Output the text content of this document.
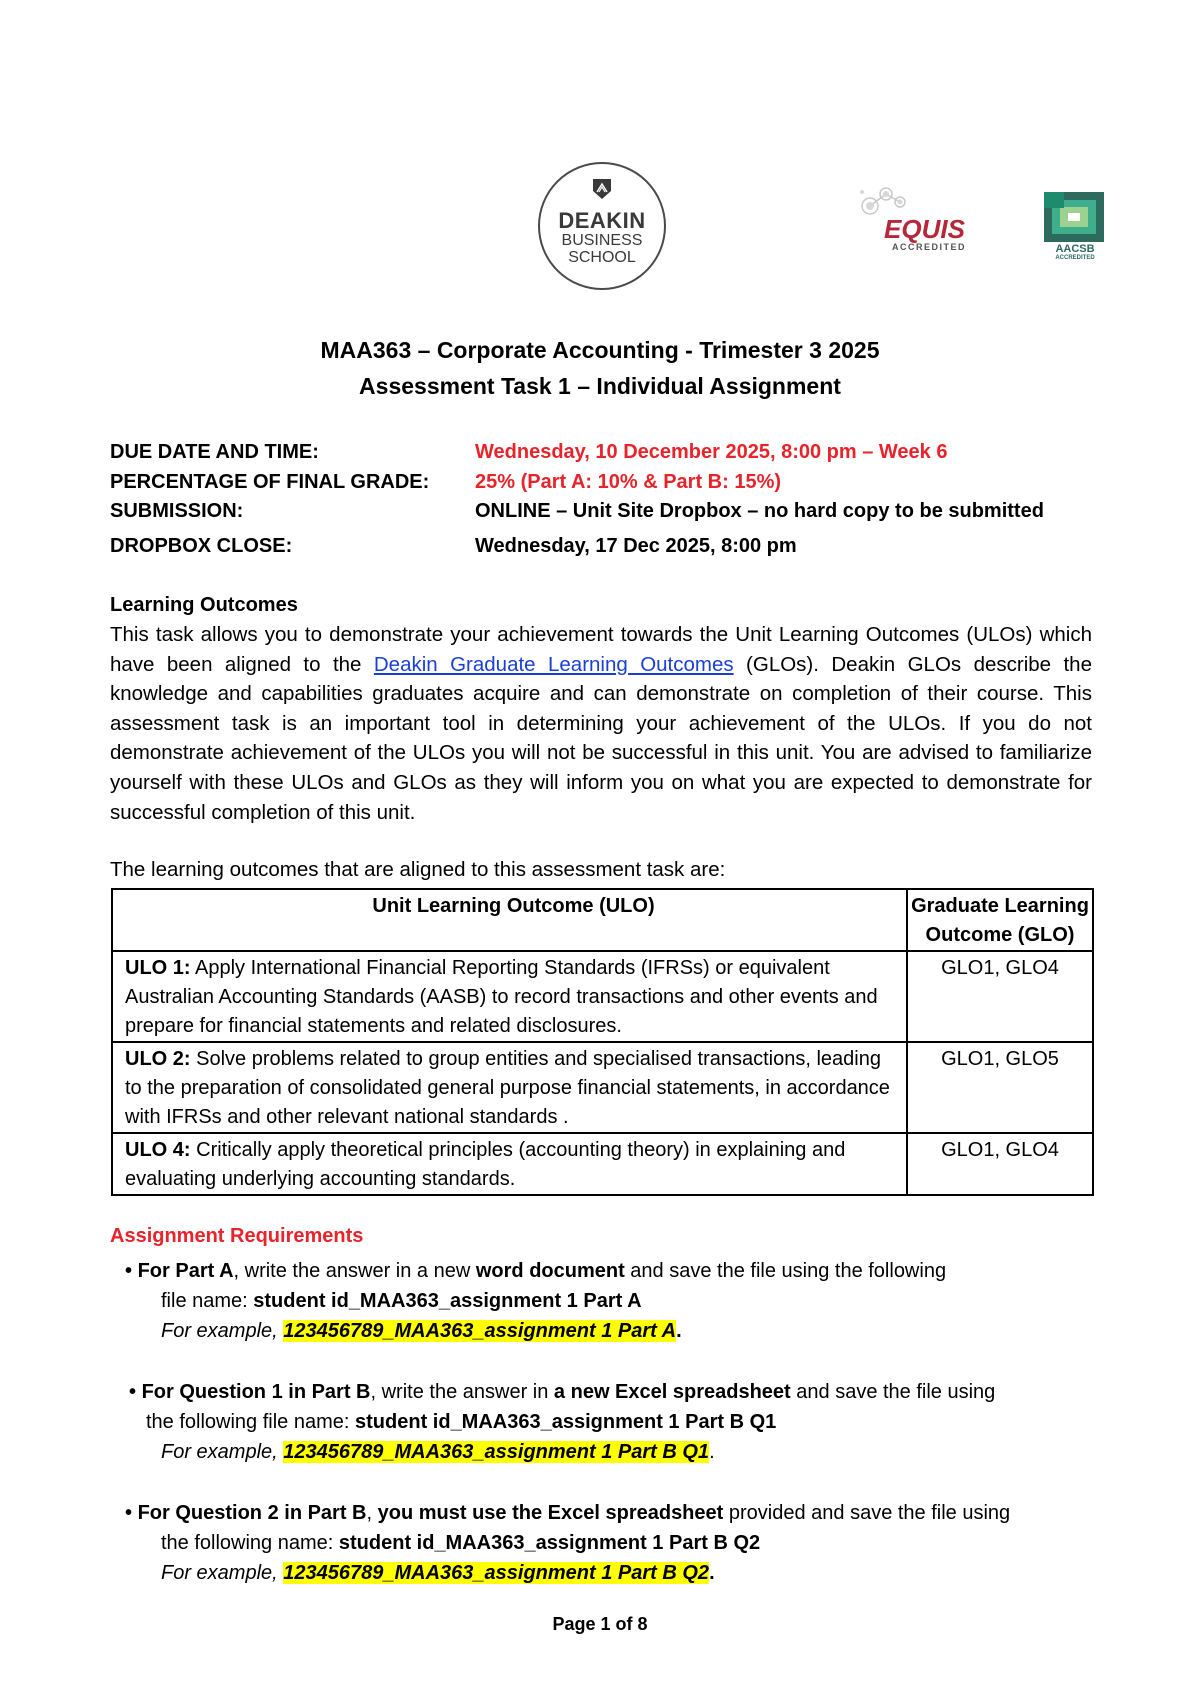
DEAKIN
BUSINESS
SCHOOL
EQUIS
ACCREDITED	AACSB
ACCREDITED
MAA363 – Corporate Accounting - Trimester 3 2025
Assessment Task 1 – Individual Assignment
DUE DATE AND TIME:	Wednesday, 10 December 2025, 8:00 pm – Week 6
PERCENTAGE OF FINAL GRADE: 25% (Part A: 10% & Part B: 15%)
SUBMISSION:	ONLINE – Unit Site Dropbox – no hard copy to be submitted
DROPBOX CLOSE:	Wednesday, 17 Dec 2025, 8:00 pm
Learning Outcomes
This task allows you to demonstrate your achievement towards the Unit Learning Outcomes (ULOs) which have been aligned to the Deakin Graduate Learning Outcomes (GLOs). Deakin GLOs describe the knowledge and capabilities graduates acquire and can demonstrate on completion of their course. This assessment task is an important tool in determining your achievement of the ULOs. If you do not demonstrate achievement of the ULOs you will not be successful in this unit. You are advised to familiarize yourself with these ULOs and GLOs as they will inform you on what you are expected to demonstrate for successful completion of this unit.
The learning outcomes that are aligned to this assessment task are:
Unit Learning Outcome (ULO)	Graduate Learning Outcome (GLO)
ULO 1: Apply International Financial Reporting Standards (IFRSs) or equivalent Australian Accounting Standards (AASB) to record transactions and other events and prepare for financial statements and related disclosures.	GLO1, GLO4
ULO 2: Solve problems related to group entities and specialised transactions, leading to the preparation of consolidated general purpose financial statements, in accordance with IFRSs and other relevant national standards .	GLO1, GLO5
ULO 4: Critically apply theoretical principles (accounting theory) in explaining and evaluating underlying accounting standards.	GLO1, GLO4
Assignment Requirements
• For Part A, write the answer in a new word document and save the file using the following
file name: student id_MAA363_assignment 1 Part A
For example, 123456789_MAA363_assignment 1 Part A.
• For Question 1 in Part B, write the answer in a new Excel spreadsheet and save the file using
the following file name: student id_MAA363_assignment 1 Part B Q1
For example, 123456789_MAA363_assignment 1 Part B Q1.
• For Question 2 in Part B, you must use the Excel spreadsheet provided and save the file using
the following name: student id_MAA363_assignment 1 Part B Q2
For example, 123456789_MAA363_assignment 1 Part B Q2.
Page 1 of 8
